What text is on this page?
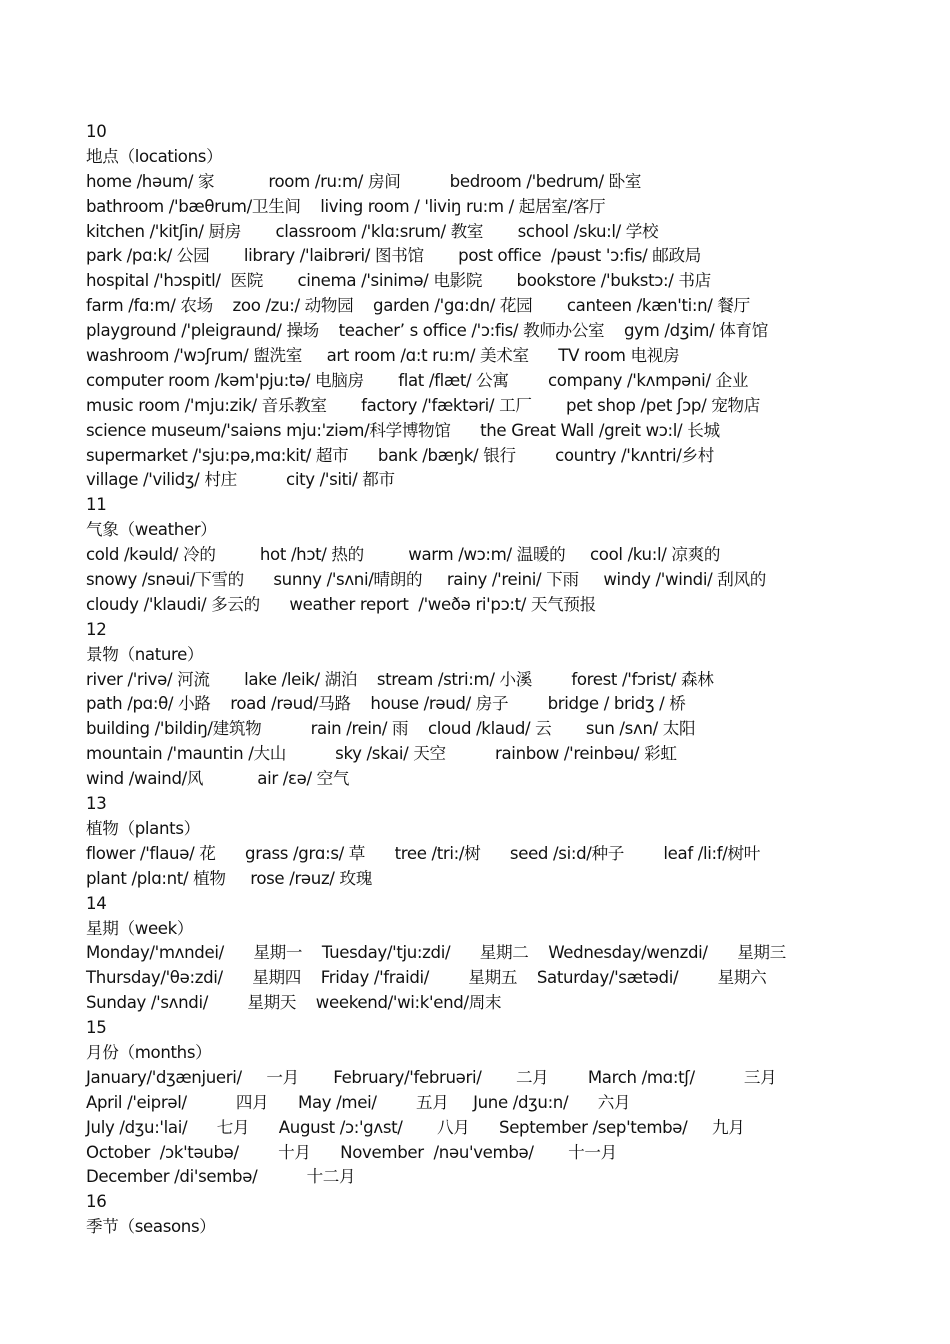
10
地点（locations）
home /həum/ 家           room /ru:m/ 房间          bedroom /'bedrum/ 卧室
bathroom /'bæθrum/卫生间    living room / 'liviŋ ru:m / 起居室/客厅
kitchen /'kitʃin/ 厨房       classroom /'klɑ:srum/ 教室       school /sku:l/ 学校
park /pɑ:k/ 公园       library /'laibrəri/ 图书馆       post office  /pəust 'ɔ:fis/ 邮政局
hospital /'hɔspitl/  医院       cinema /'sinimə/ 电影院       bookstore /'bukstɔ:/ 书店
farm /fɑ:m/ 农场    zoo /zu:/ 动物园    garden /'gɑ:dn/ 花园       canteen /kæn'ti:n/ 餐厅
playground /'pleigraund/ 操场    teacher’ s office /'ɔ:fis/ 教师办公室    gym /dʒim/ 体育馆
washroom /'wɔʃrum/ 盥洗室     art room /ɑ:t ru:m/ 美术室      TV room 电视房
computer room /kəm'pju:tə/ 电脑房       flat /flæt/ 公寓        company /'kʌmpəni/ 企业
music room /'mju:zik/ 音乐教室       factory /'fæktəri/ 工厂       pet shop /pet ʃɔp/ 宠物店
science museum/'saiəns mju:'ziəm/科学博物馆      the Great Wall /greit wɔ:l/ 长城
supermarket /'sju:pə,mɑ:kit/ 超市      bank /bæŋk/ 银行        country /'kʌntri/乡村
village /'vilidʒ/ 村庄          city /'siti/ 都市
11
气象（weather）
cold /kəuld/ 冷的         hot /hɔt/ 热的         warm /wɔ:m/ 温暖的     cool /ku:l/ 凉爽的
snowy /snəui/下雪的      sunny /'sʌni/晴朗的     rainy /'reini/ 下雨     windy /'windi/ 刮风的
cloudy /'klaudi/ 多云的      weather report  /'weðə ri'pɔ:t/ 天气预报
12
景物（nature）
river /'rivə/ 河流       lake /leik/ 湖泊    stream /stri:m/ 小溪        forest /'fɔrist/ 森林
path /pɑ:θ/ 小路    road /rəud/马路    house /rəud/ 房子        bridge / bridʒ / 桥
building /'bildiŋ/建筑物          rain /rein/ 雨    cloud /klaud/ 云       sun /sʌn/ 太阳
mountain /'mauntin /大山          sky /skai/ 天空          rainbow /'reinbəu/ 彩虹
wind /waind/风           air /εə/ 空气
13
植物（plants）
flower /'flauə/ 花      grass /grɑ:s/ 草      tree /tri:/树      seed /si:d/种子        leaf /li:f/树叶
plant /plɑ:nt/ 植物     rose /rəuz/ 玫瑰
14
星期（week）
Monday/'mʌndei/      星期一    Tuesday/'tju:zdi/      星期二    Wednesday/wenzdi/      星期三
Thursday/'θə:zdi/      星期四    Friday /'fraidi/        星期五    Saturday/'sætədi/        星期六
Sunday /'sʌndi/        星期天    weekend/'wi:k'end/周末
15
月份（months）
January/'dʒænjueri/     一月       February/'februəri/       二月        March /mɑ:tʃ/          三月
April /'eiprəl/          四月      May /mei/        五月     June /dʒu:n/      六月
July /dʒu:'lai/      七月      August /ɔ:'gʌst/       八月      September /sep'tembə/     九月
October  /ɔk'təubə/        十月      November  /nəu'vembə/       十一月
December /di'sembə/          十二月
16
季节（seasons）
